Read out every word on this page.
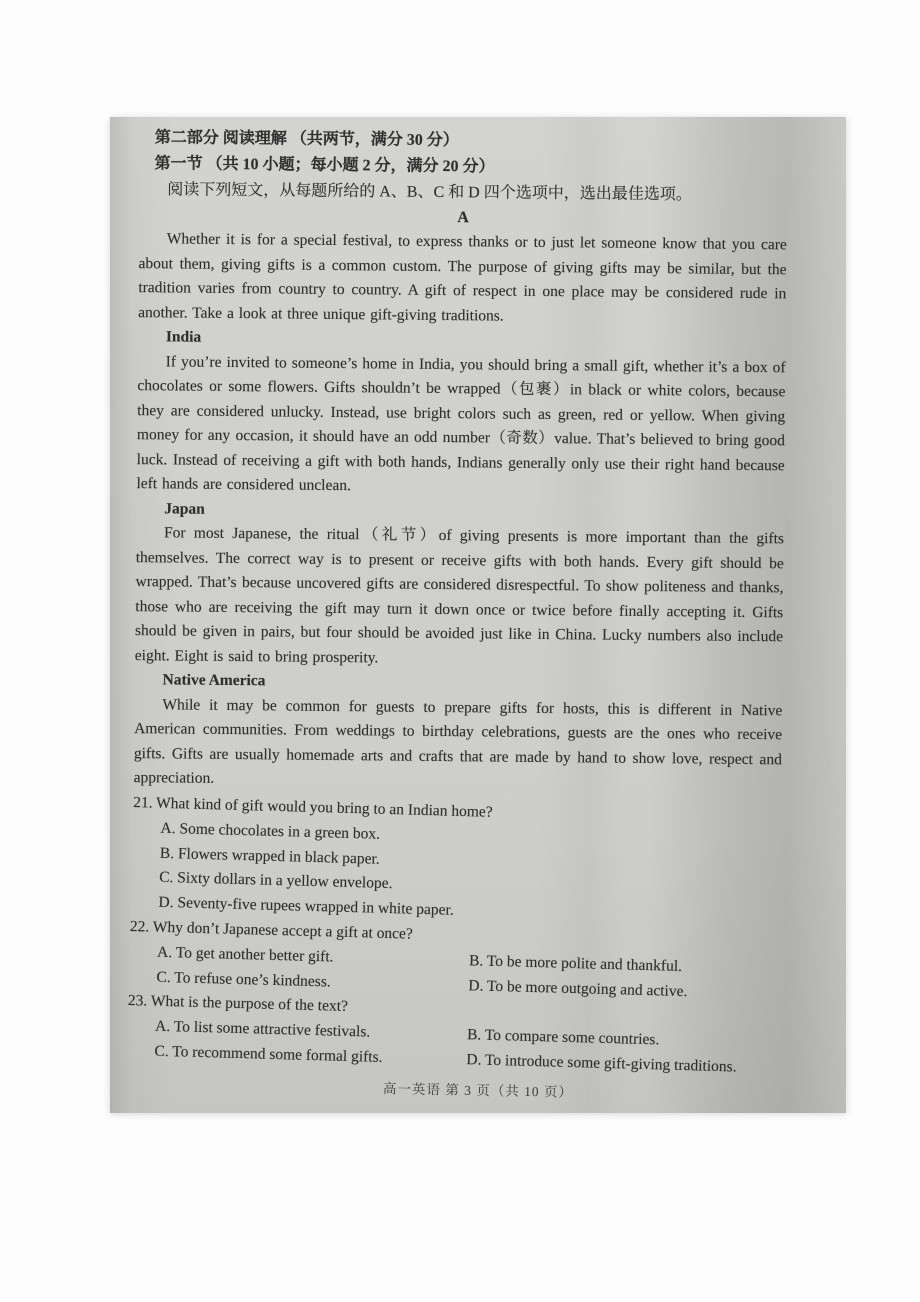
第二部分 阅读理解 （共两节，满分 30 分）

第一节 （共 10 小题；每小题 2 分，满分 20 分）

阅读下列短文，从每题所给的 A、B、C 和 D 四个选项中，选出最佳选项。

A

Whether it is for a special festival, to express thanks or to just let someone know that you care about them, giving gifts is a common custom. The purpose of giving gifts may be similar, but the tradition varies from country to country. A gift of respect in one place may be considered rude in another. Take a look at three unique gift-giving traditions.

India

If you’re invited to someone’s home in India, you should bring a small gift, whether it’s a box of chocolates or some flowers. Gifts shouldn’t be wrapped（包裹）in black or white colors, because they are considered unlucky. Instead, use bright colors such as green, red or yellow. When giving money for any occasion, it should have an odd number（奇数）value. That’s believed to bring good luck. Instead of receiving a gift with both hands, Indians generally only use their right hand because left hands are considered unclean.

Japan

For most Japanese, the ritual（礼节）of giving presents is more important than the gifts themselves. The correct way is to present or receive gifts with both hands. Every gift should be wrapped. That’s because uncovered gifts are considered disrespectful. To show politeness and thanks, those who are receiving the gift may turn it down once or twice before finally accepting it. Gifts should be given in pairs, but four should be avoided just like in China. Lucky numbers also include eight. Eight is said to bring prosperity.

Native America

While it may be common for guests to prepare gifts for hosts, this is different in Native American communities. From weddings to birthday celebrations, guests are the ones who receive gifts. Gifts are usually homemade arts and crafts that are made by hand to show love, respect and appreciation.

21. What kind of gift would you bring to an Indian home?

A. Some chocolates in a green box.
B. Flowers wrapped in black paper.
C. Sixty dollars in a yellow envelope.
D. Seventy-five rupees wrapped in white paper.

22. Why don’t Japanese accept a gift at once?

A. To get another better gift.	B. To be more polite and thankful.
C. To refuse one’s kindness.	D. To be more outgoing and active.

23. What is the purpose of the text?

A. To list some attractive festivals.	B. To compare some countries.
C. To recommend some formal gifts.	D. To introduce some gift-giving traditions.
高一英语 第 3 页（共 10 页）
